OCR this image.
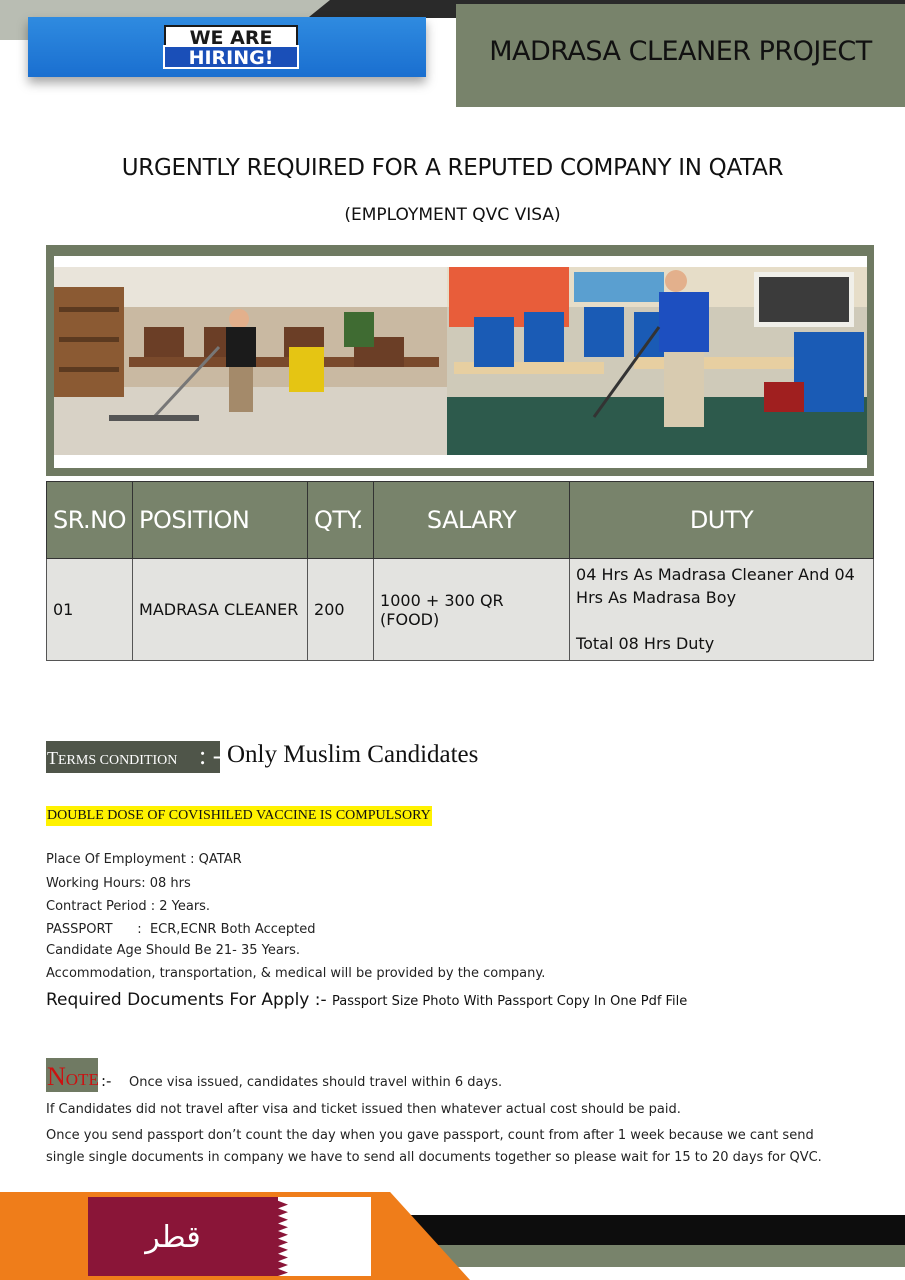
WE ARE
HIRING!	MADRASA CLEANER PROJECT
URGENTLY REQUIRED FOR A REPUTED COMPANY IN QATAR
(EMPLOYMENT QVC VISA)
SR.NO	POSITION	QTY.	SALARY	DUTY
01	MADRASA CLEANER	200	1000 + 300 QR (FOOD)	04 Hrs As Madrasa Cleaner And 04 Hrs As Madrasa Boy
Total 08 Hrs Duty
TERMS CONDITION : - Only Muslim Candidates
DOUBLE DOSE OF COVISHILED VACCINE IS COMPULSORY
Place Of Employment : QATAR
Working Hours: 08 hrs
Contract Period : 2 Years.
PASSPORT      :  ECR,ECNR Both Accepted
Candidate Age Should Be 21- 35 Years.
Accommodation, transportation, & medical will be provided by the company.
Required Documents For Apply :- Passport Size Photo With Passport Copy In One Pdf File
NOTE :- Once visa issued, candidates should travel within 6 days.
If Candidates did not travel after visa and ticket issued then whatever actual cost should be paid.
Once you send passport don’t count the day when you gave passport, count from after 1 week because we cant send single single documents in company we have to send all documents together so please wait for 15 to 20 days for QVC.
قطر
